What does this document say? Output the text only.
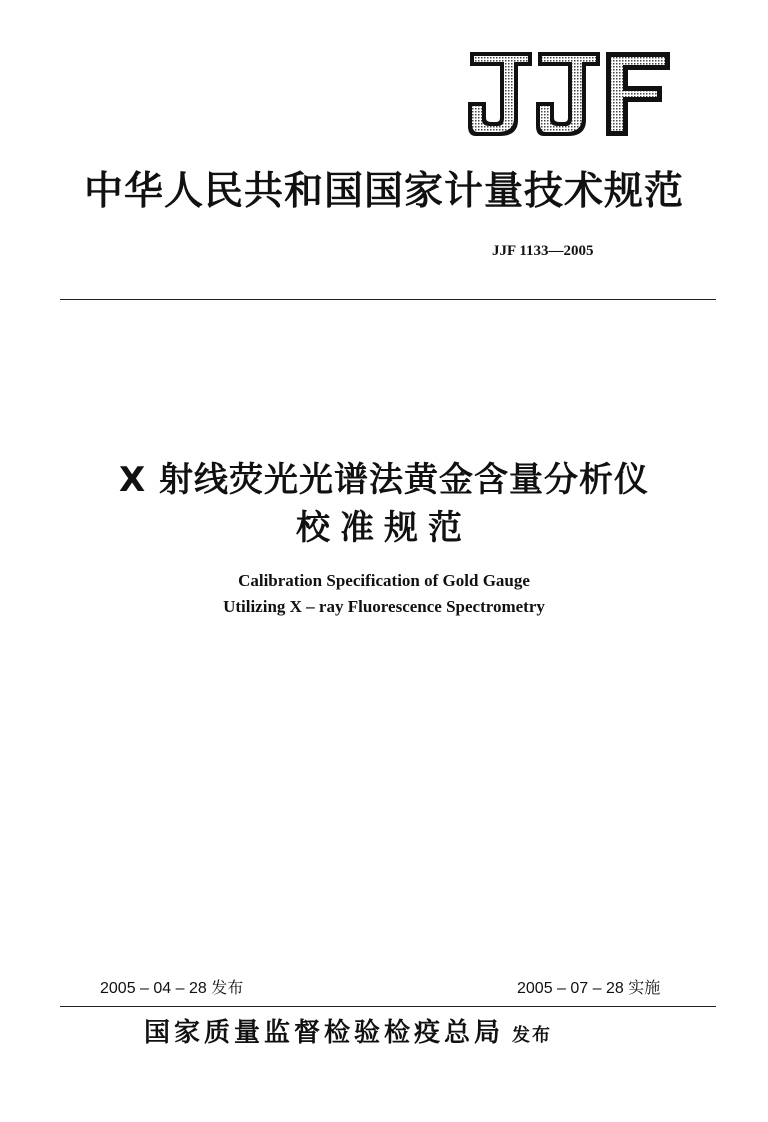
中华人民共和国国家计量技术规范
JJF 1133—2005
X 射线荧光光谱法黄金含量分析仪
校准规范
Calibration Specification of Gold Gauge
Utilizing X – ray Fluorescence Spectrometry
2005 – 04 – 28 发布	2005 – 07 – 28 实施
国家质量监督检验检疫总局 发布
